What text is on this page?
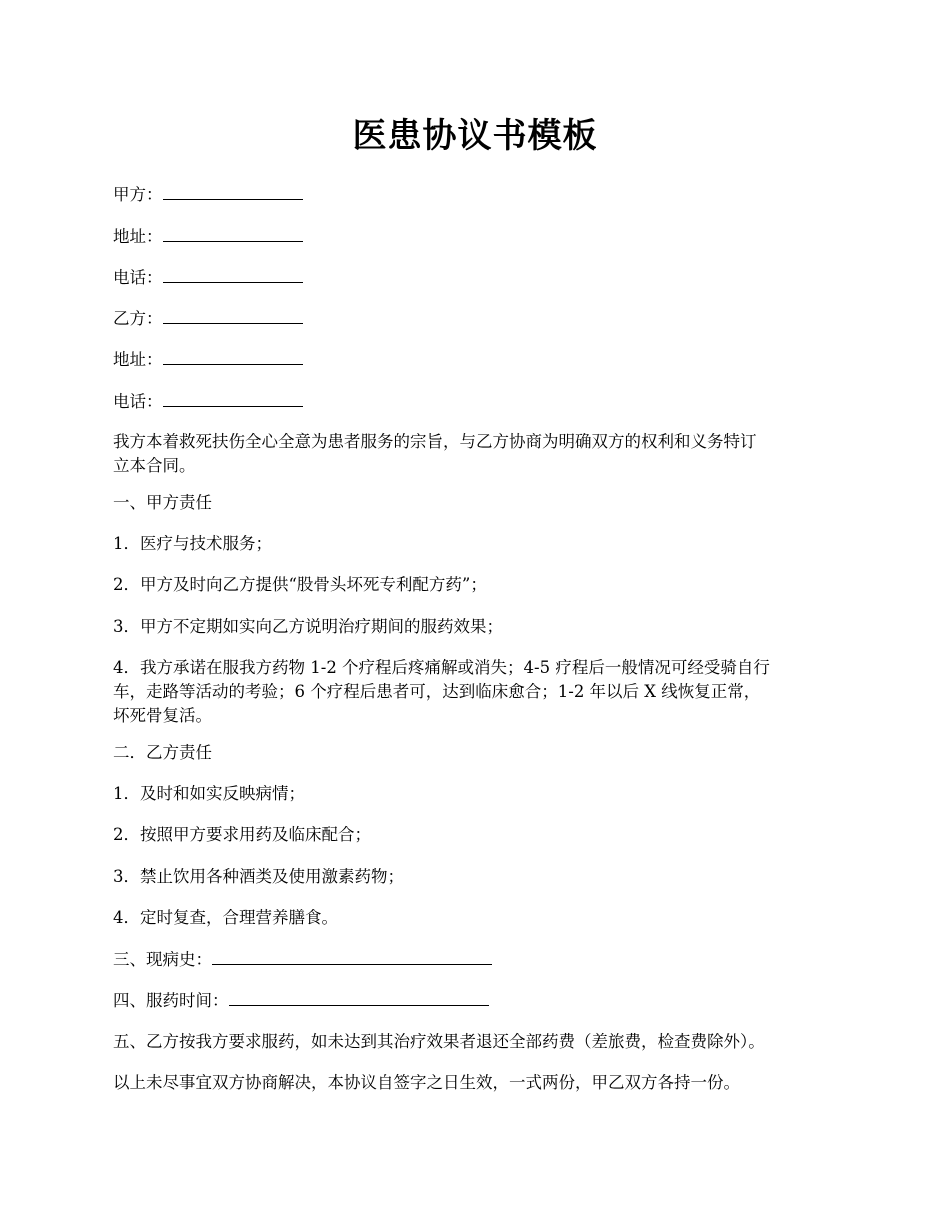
医患协议书模板
甲方：
地址：
电话：
乙方：
地址：
电话：
我方本着救死扶伤全心全意为患者服务的宗旨，与乙方协商为明确双方的权利和义务特订
立本合同。
一、甲方责任
1．医疗与技术服务；
2．甲方及时向乙方提供“股骨头坏死专利配方药”；
3．甲方不定期如实向乙方说明治疗期间的服药效果；
4．我方承诺在服我方药物 1-2 个疗程后疼痛解或消失；4-5 疗程后一般情况可经受骑自行
车，走路等活动的考验；6 个疗程后患者可，达到临床愈合；1-2 年以后 X 线恢复正常，
坏死骨复活。
二．乙方责任
1．及时和如实反映病情；
2．按照甲方要求用药及临床配合；
3．禁止饮用各种酒类及使用激素药物；
4．定时复查，合理营养膳食。
三、现病史：
四、服药时间：
五、乙方按我方要求服药，如未达到其治疗效果者退还全部药费（差旅费，检查费除外）。
以上未尽事宜双方协商解决，本协议自签字之日生效，一式两份，甲乙双方各持一份。
